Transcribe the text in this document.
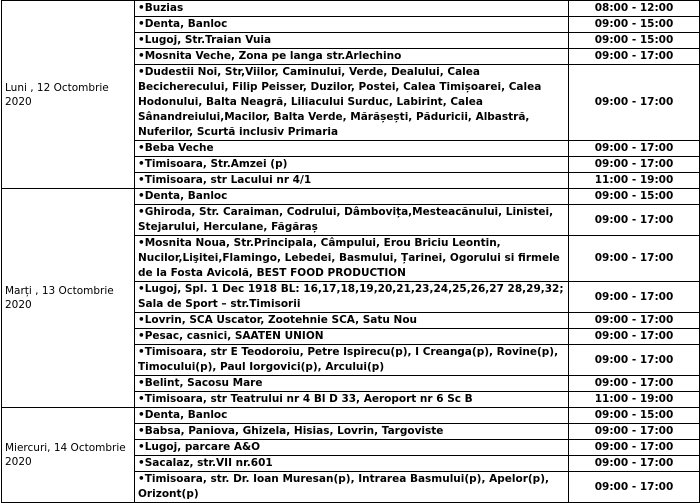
Luni , 12 Octombrie 2020	•Buzias	08:00 - 12:00
	•Denta, Banloc	09:00 - 15:00
	•Lugoj, Str.Traian Vuia	09:00 - 15:00
	•Mosnita Veche, Zona pe langa str.Arlechino	09:00 - 17:00
	•Dudestii Noi, Str,Viilor, Caminului, Verde, Dealului, Calea Becicherecului, Filip Peisser, Duzilor, Postei, Calea Timișoarei, Calea Hodonului, Balta Neagră, Liliacului Surduc, Labirint, Calea Sânandreiului,Macilor, Balta Verde, Mărășești, Păduricii, Albastră, Nuferilor, Scurtă inclusiv Primaria	09:00 - 17:00
	•Beba Veche	09:00 - 17:00
	•Timisoara, Str.Amzei (p)	09:00 - 17:00
	•Timisoara, str Lacului nr 4/1	11:00 - 19:00
Marți , 13 Octombrie 2020	•Denta, Banloc	09:00 - 15:00
	•Ghiroda, Str. Caraiman, Codrului, Dâmbovița,Mesteacănului, Linistei, Stejarului, Herculane, Făgăraș	09:00 - 17:00
	•Mosnita Noua, Str.Principala, Câmpului, Erou Briciu Leontin, Nucilor,Lişitei,Flamingo, Lebedei, Basmului, Țarinei, Ogorului si firmele de la Fosta Avicolă, BEST FOOD PRODUCTION	09:00 - 17:00
	•Lugoj, Spl. 1 Dec 1918 BL: 16,17,18,19,20,21,23,24,25,26,27 28,29,32; Sala de Sport – str.Timisorii	09:00 - 17:00
	•Lovrin, SCA Uscator, Zootehnie SCA, Satu Nou	09:00 - 17:00
	•Pesac, casnici, SAATEN UNION	09:00 - 17:00
	•Timisoara, str E Teodoroiu, Petre Ispirecu(p), I Creanga(p), Rovine(p), Timocului(p), Paul Iorgovici(p), Arcului(p)	09:00 - 17:00
	•Belint, Sacosu Mare	09:00 - 17:00
	•Timisoara, str Teatrului nr 4 Bl D 33, Aeroport nr 6 Sc B	11:00 - 19:00
Miercuri, 14 Octombrie 2020	•Denta, Banloc	09:00 - 15:00
	•Babsa, Paniova, Ghizela, Hisias, Lovrin, Targoviste	09:00 - 17:00
	•Lugoj, parcare A&O	09:00 - 17:00
	•Sacalaz, str.VII nr.601	09:00 - 17:00
	•Timisoara, str. Dr. Ioan Muresan(p), Intrarea Basmului(p), Apelor(p), Orizont(p)	09:00 - 17:00
